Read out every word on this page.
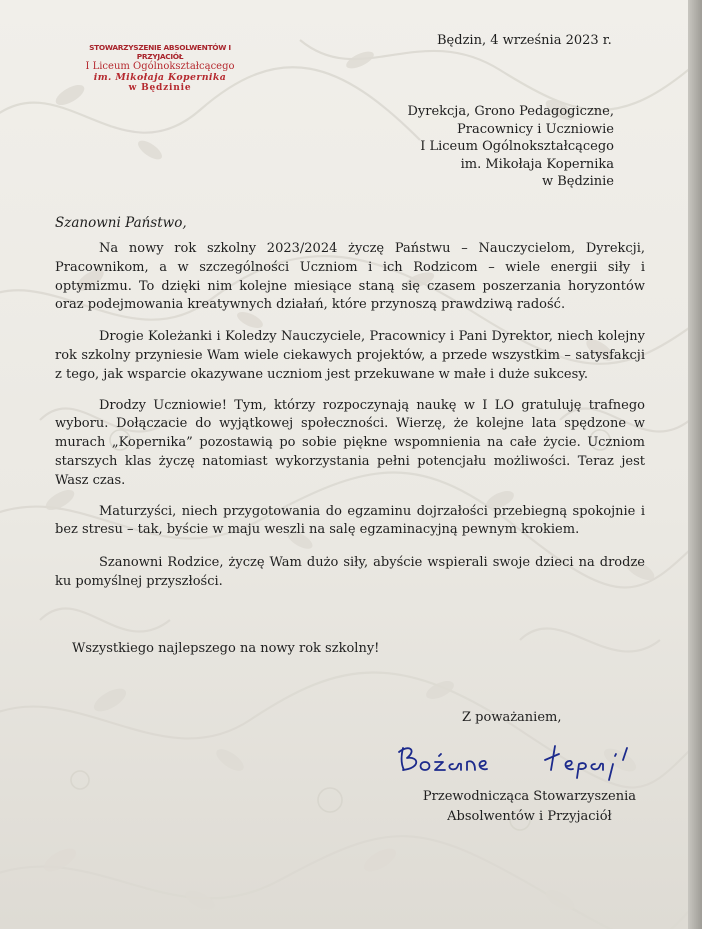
STOWARZYSZENIE ABSOLWENTÓW I PRZYJACIÓŁ
I Liceum Ogólnokształcącego
im. Mikołaja Kopernika
w Będzinie
Będzin, 4 września 2023 r.
Dyrekcja, Grono Pedagogiczne,
Pracownicy i Uczniowie
I Liceum Ogólnokształcącego
im. Mikołaja Kopernika
w Będzinie
Szanowni Państwo,

Na nowy rok szkolny 2023/2024 życzę Państwu – Nauczycielom, Dyrekcji, Pracownikom, a w szczególności Uczniom i ich Rodzicom – wiele energii siły i optymizmu. To dzięki nim kolejne miesiące staną się czasem poszerzania horyzontów oraz podejmowania kreatywnych działań, które przynoszą prawdziwą radość.

Drogie Koleżanki i Koledzy Nauczyciele, Pracownicy i Pani Dyrektor, niech kolejny rok szkolny przyniesie Wam wiele ciekawych projektów, a przede wszystkim – satysfakcji z tego, jak wsparcie okazywane uczniom jest przekuwane w małe i duże sukcesy.

Drodzy Uczniowie! Tym, którzy rozpoczynają naukę w I LO gratuluję trafnego wyboru. Dołączacie do wyjątkowej społeczności. Wierzę, że kolejne lata spędzone w murach „Kopernika” pozostawią po sobie piękne wspomnienia na całe życie. Uczniom starszych klas życzę natomiast wykorzystania pełni potencjału możliwości. Teraz jest Wasz czas.

Maturzyści, niech przygotowania do egzaminu dojrzałości przebiegną spokojnie i bez stresu – tak, byście w maju weszli na salę egzaminacyjną pewnym krokiem.

Szanowni Rodzice, życzę Wam dużo siły, abyście wspierali swoje dzieci na drodze ku pomyślnej przyszłości.

Wszystkiego najlepszego na nowy rok szkolny!
Z poważaniem,
Przewodnicząca Stowarzyszenia
Absolwentów i Przyjaciół
